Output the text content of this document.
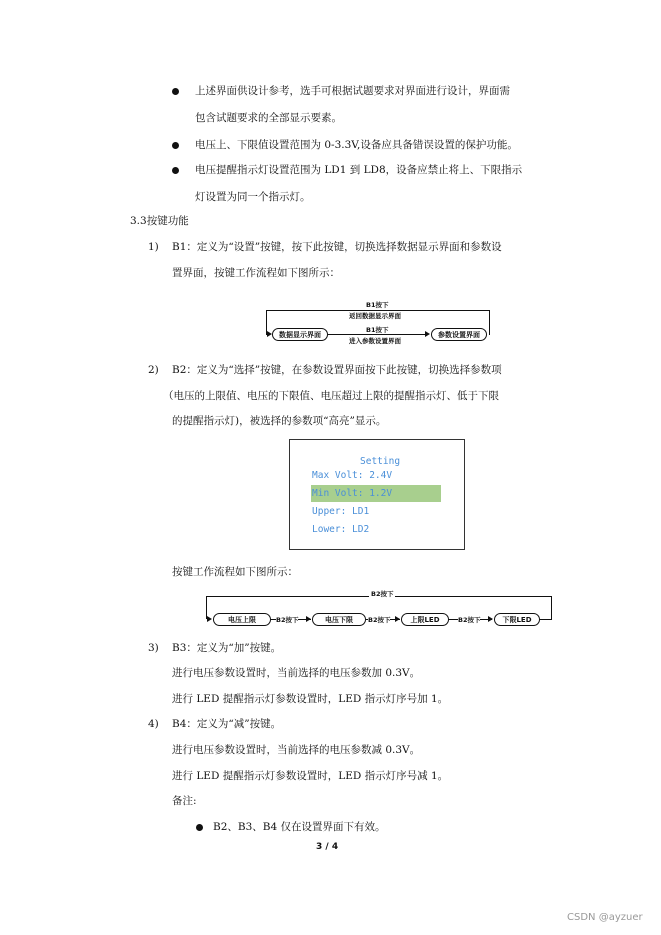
上述界面供设计参考，选手可根据试题要求对界面进行设计，界面需
包含试题要求的全部显示要素。
电压上、下限值设置范围为 0-3.3V,设备应具备错误设置的保护功能。
电压提醒指示灯设置范围为 LD1 到 LD8，设备应禁止将上、下限指示
灯设置为同一个指示灯。
3.3按键功能
1) B1：定义为“设置”按键，按下此按键，切换选择数据显示界面和参数设
置界面，按键工作流程如下图所示：
B1按下
返回数据显示界面
数据显示界面
B1按下
进入参数设置界面
参数设置界面
2) B2：定义为“选择”按键，在参数设置界面按下此按键，切换选择参数项
（电压的上限值、电压的下限值、电压超过上限的提醒指示灯、低于下限
的提醒指示灯)，被选择的参数项“高亮”显示。
Setting
Max Volt: 2.4V
Min Volt: 1.2V
Upper: LD1
Lower: LD2
按键工作流程如下图所示：
B2按下
电压上限	B2按下	电压下限	B2按下	上限LED	B2按下	下限LED
3) B3：定义为“加”按键。
进行电压参数设置时，当前选择的电压参数加 0.3V。
进行 LED 提醒指示灯参数设置时，LED 指示灯序号加 1。
4) B4：定义为“减”按键。
进行电压参数设置时，当前选择的电压参数减 0.3V。
进行 LED 提醒指示灯参数设置时，LED 指示灯序号减 1。
备注:
B2、B3、B4 仅在设置界面下有效。
3 / 4
CSDN @ayzuer
